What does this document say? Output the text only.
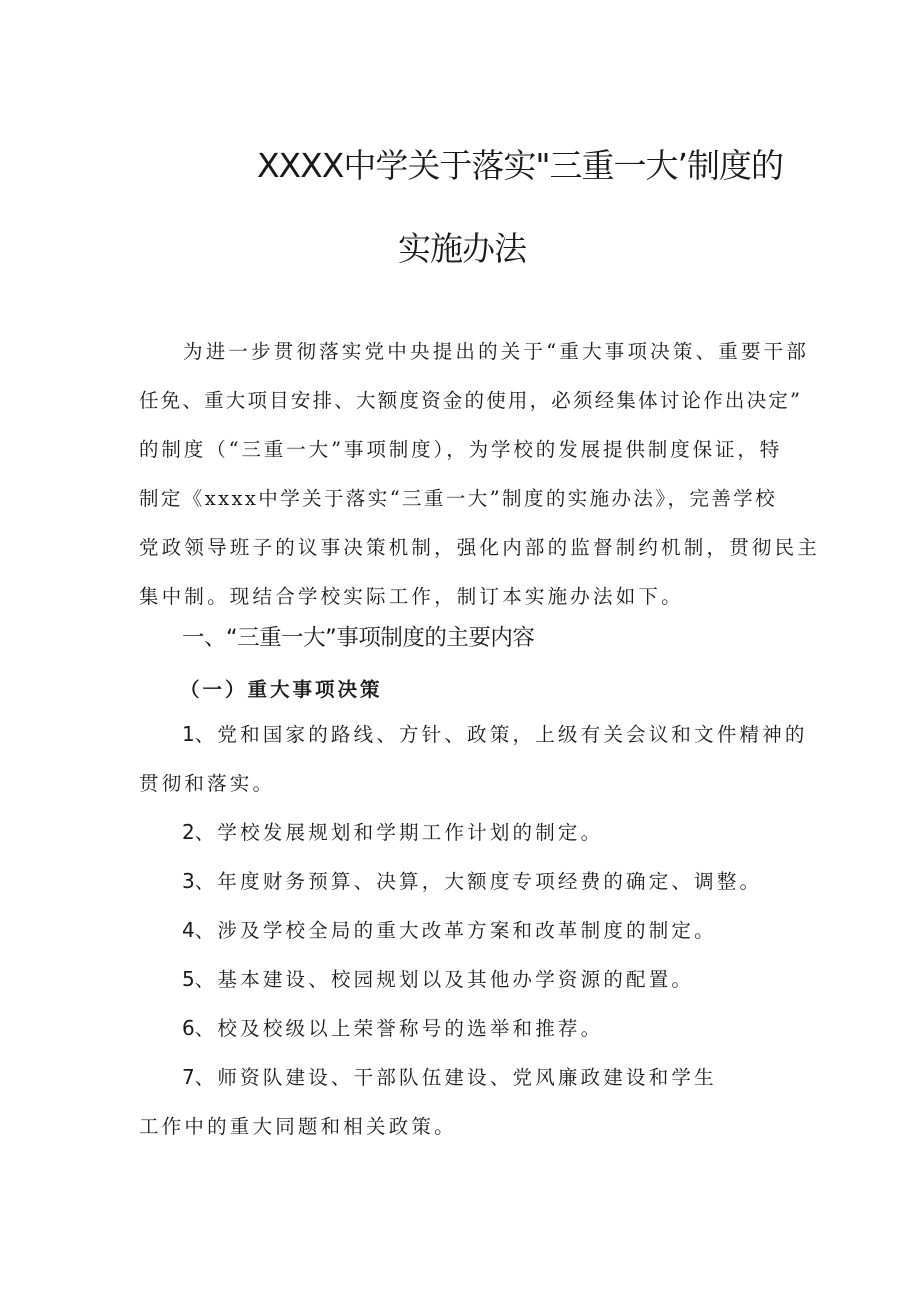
XXXX中学关于落实"三重一大’制度的
实施办法

为进一步贯彻落实党中央提出的关于“重大事项决策、重要干部
任免、重大项目安排、大额度资金的使用，必须经集体讨论作出决定”
的制度（“三重一大”事项制度），为学校的发展提供制度保证，特
制定《xxxx中学关于落实“三重一大”制度的实施办法》，完善学校
党政领导班子的议事决策机制，强化内部的监督制约机制，贯彻民主
集中制。现结合学校实际工作，制订本实施办法如下。

一、“三重一大”事项制度的主要内容
（一）重大事项决策
1、党和国家的路线、方针、政策，上级有关会议和文件精神的
贯彻和落实。
2、学校发展规划和学期工作计划的制定。
3、年度财务预算、决算，大额度专项经费的确定、调整。
4、涉及学校全局的重大改革方案和改革制度的制定。
5、基本建设、校园规划以及其他办学资源的配置。
6、校及校级以上荣誉称号的选举和推荐。
7、师资队建设、干部队伍建设、党风廉政建设和学生
工作中的重大同题和相关政策。
